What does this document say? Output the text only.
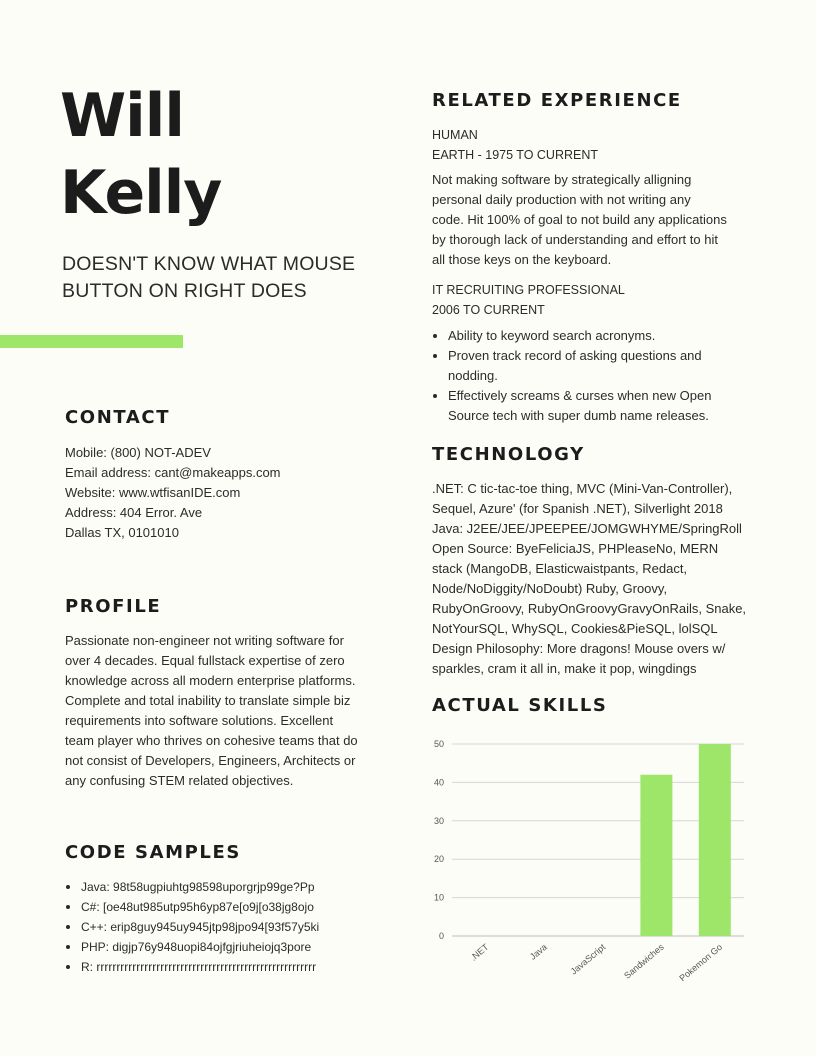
Will
Kelly
DOESN'T KNOW WHAT MOUSE
BUTTON ON RIGHT DOES
CONTACT
Mobile: (800) NOT-ADEV
Email address: cant@makeapps.com
Website: www.wtfisanIDE.com
Address: 404 Error. Ave
Dallas TX, 0101010
PROFILE
Passionate non-engineer not writing software for
over 4 decades. Equal fullstack expertise of zero
knowledge across all modern enterprise platforms.
Complete and total inability to translate simple biz
requirements into software solutions. Excellent
team player who thrives on cohesive teams that do
not consist of Developers, Engineers, Architects or
any confusing STEM related objectives.
CODE SAMPLES
Java: 98t58ugpiuhtg98598uporgrjp99ge?Pp
C#: [oe48ut985utp95h6yp87e[o9j[o38jg8ojo
C++: erip8guy945uy945jtp98jpo94[93f57y5ki
PHP: digjp76y948uopi84ojfgjriuheiojq3pore
R: rrrrrrrrrrrrrrrrrrrrrrrrrrrrrrrrrrrrrrrrrrrrrrrrrrrrrrr
RELATED EXPERIENCE
HUMAN
EARTH - 1975 TO CURRENT
Not making software by strategically alligning
personal daily production with not writing any
code. Hit 100% of goal to not build any applications
by thorough lack of understanding and effort to hit
all those keys on the keyboard.
IT RECRUITING PROFESSIONAL
2006 TO CURRENT
Ability to keyword search acronyms.
Proven track record of asking questions and
nodding.
Effectively screams & curses when new Open
Source tech with super dumb name releases.
TECHNOLOGY
.NET: C tic-tac-toe thing, MVC (Mini-Van-Controller),
Sequel, Azure' (for Spanish .NET), Silverlight 2018
Java: J2EE/JEE/JPEEPEE/JOMGWHYME/SpringRoll
Open Source: ByeFeliciaJS, PHPleaseNo, MERN
stack (MangoDB, Elasticwaistpants, Redact,
Node/NoDiggity/NoDoubt) Ruby, Groovy,
RubyOnGroovy, RubyOnGroovyGravyOnRails, Snake,
NotYourSQL, WhySQL, Cookies&PieSQL, lolSQL
Design Philosophy: More dragons! Mouse overs w/
sparkles, cram it all in, make it pop, wingdings
ACTUAL SKILLS
0
10
20
30
40
50
.NET	Java JavaScript Sandwiches Pokemon Go
